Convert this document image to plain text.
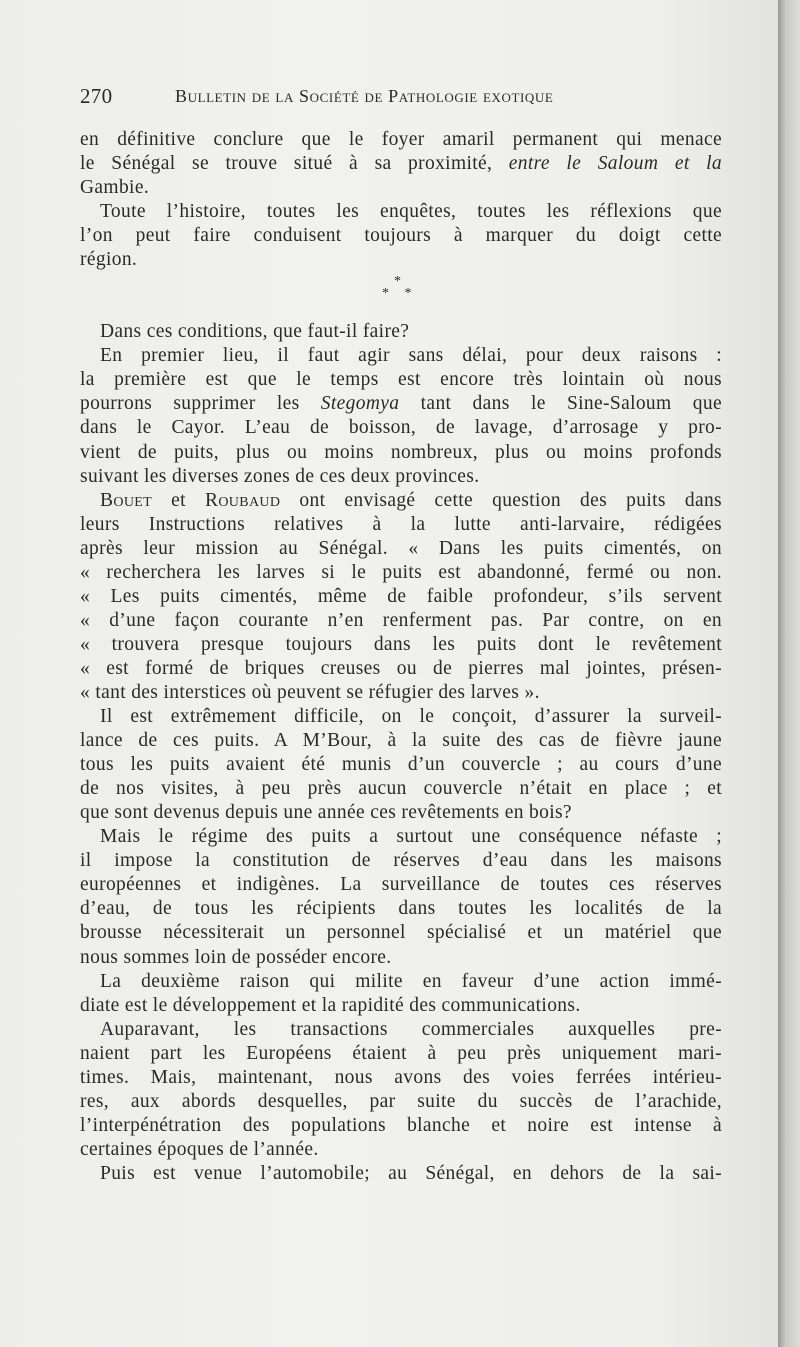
270	Bulletin de la Société de Pathologie exotique
en définitive conclure que le foyer amaril permanent qui menace
le Sénégal se trouve situé à sa proximité, entre le Saloum et la
Gambie.
Toute l’histoire, toutes les enquêtes, toutes les réflexions que
l’on peut faire conduisent toujours à marquer du doigt cette
région.
*
* *
Dans ces conditions, que faut-il faire?
En premier lieu, il faut agir sans délai, pour deux raisons :
la première est que le temps est encore très lointain où nous
pourrons supprimer les Stegomya tant dans le Sine-Saloum que
dans le Cayor. L’eau de boisson, de lavage, d’arrosage y pro-
vient de puits, plus ou moins nombreux, plus ou moins profonds
suivant les diverses zones de ces deux provinces.
Bouet et Roubaud ont envisagé cette question des puits dans
leurs Instructions relatives à la lutte anti-larvaire, rédigées
après leur mission au Sénégal. « Dans les puits cimentés, on
« recherchera les larves si le puits est abandonné, fermé ou non.
« Les puits cimentés, même de faible profondeur, s’ils servent
« d’une façon courante n’en renferment pas. Par contre, on en
« trouvera presque toujours dans les puits dont le revêtement
« est formé de briques creuses ou de pierres mal jointes, présen-
« tant des interstices où peuvent se réfugier des larves ».
Il est extrêmement difficile, on le conçoit, d’assurer la surveil-
lance de ces puits. A M’Bour, à la suite des cas de fièvre jaune
tous les puits avaient été munis d’un couvercle ; au cours d’une
de nos visites, à peu près aucun couvercle n’était en place ; et
que sont devenus depuis une année ces revêtements en bois?
Mais le régime des puits a surtout une conséquence néfaste ;
il impose la constitution de réserves d’eau dans les maisons
européennes et indigènes. La surveillance de toutes ces réserves
d’eau, de tous les récipients dans toutes les localités de la
brousse nécessiterait un personnel spécialisé et un matériel que
nous sommes loin de posséder encore.
La deuxième raison qui milite en faveur d’une action immé-
diate est le développement et la rapidité des communications.
Auparavant, les transactions commerciales auxquelles pre-
naient part les Européens étaient à peu près uniquement mari-
times. Mais, maintenant, nous avons des voies ferrées intérieu-
res, aux abords desquelles, par suite du succès de l’arachide,
l’interpénétration des populations blanche et noire est intense à
certaines époques de l’année.
Puis est venue l’automobile; au Sénégal, en dehors de la sai-
